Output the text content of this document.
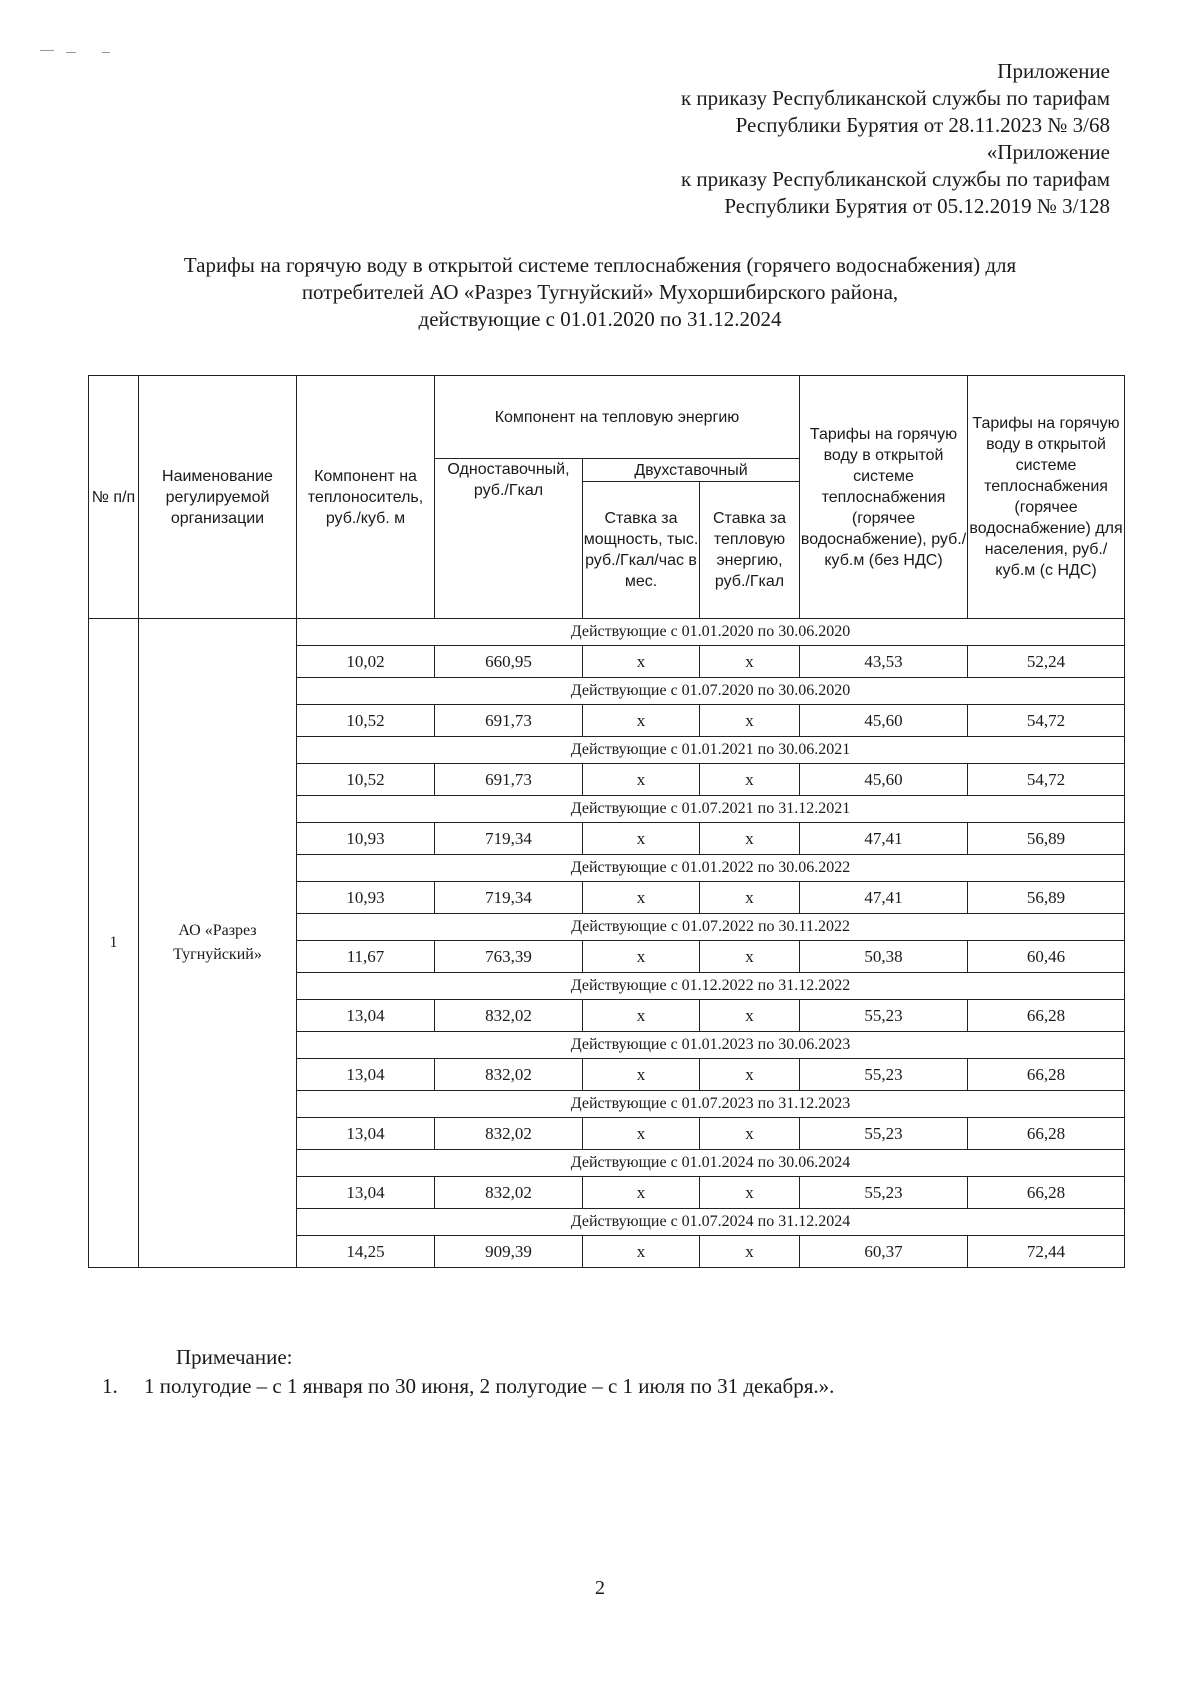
Приложение
к приказу Республиканской службы по тарифам
Республики Бурятия от 28.11.2023 № 3/68
«Приложение
к приказу Республиканской службы по тарифам
Республики Бурятия от 05.12.2019 № 3/128
Тарифы на горячую воду в открытой системе теплоснабжения (горячего водоснабжения) для
потребителей АО «Разрез Тугнуйский» Мухоршибирского района,
действующие с 01.01.2020 по 31.12.2024
№ п/п	Наименование регулируемой организации	Компонент на теплоноситель, руб./куб. м	Компонент на тепловую энергию			Тарифы на горячую воду в открытой системе теплоснабжения (горячее водоснабжение), руб./куб.м (без НДС)	Тарифы на горячую воду в открытой системе теплоснабжения (горячее водоснабжение) для населения, руб./куб.м (с НДС)
			Одноставочный, руб./Гкал	Двухставочный			
				Ставка за мощность, тыс. руб./Гкал/час в мес.	Ставка за тепловую энергию, руб./Гкал		
1	АО «Разрез Тугнуйский»	Действующие с 01.01.2020 по 30.06.2020					
		10,02	660,95	х	х	43,53	52,24
		Действующие с 01.07.2020 по 30.06.2020					
		10,52	691,73	х	х	45,60	54,72
		Действующие с 01.01.2021 по 30.06.2021					
		10,52	691,73	х	х	45,60	54,72
		Действующие с 01.07.2021 по 31.12.2021					
		10,93	719,34	х	х	47,41	56,89
		Действующие с 01.01.2022 по 30.06.2022					
		10,93	719,34	х	х	47,41	56,89
		Действующие с 01.07.2022 по 30.11.2022					
		11,67	763,39	х	х	50,38	60,46
		Действующие с 01.12.2022 по 31.12.2022					
		13,04	832,02	х	х	55,23	66,28
		Действующие с 01.01.2023 по 30.06.2023					
		13,04	832,02	х	х	55,23	66,28
		Действующие с 01.07.2023 по 31.12.2023					
		13,04	832,02	х	х	55,23	66,28
		Действующие с 01.01.2024 по 30.06.2024					
		13,04	832,02	х	х	55,23	66,28
		Действующие с 01.07.2024 по 31.12.2024					
		14,25	909,39	х	х	60,37	72,44
Примечание:
1. 1 полугодие – с 1 января по 30 июня, 2 полугодие – с 1 июля по 31 декабря.».
2
